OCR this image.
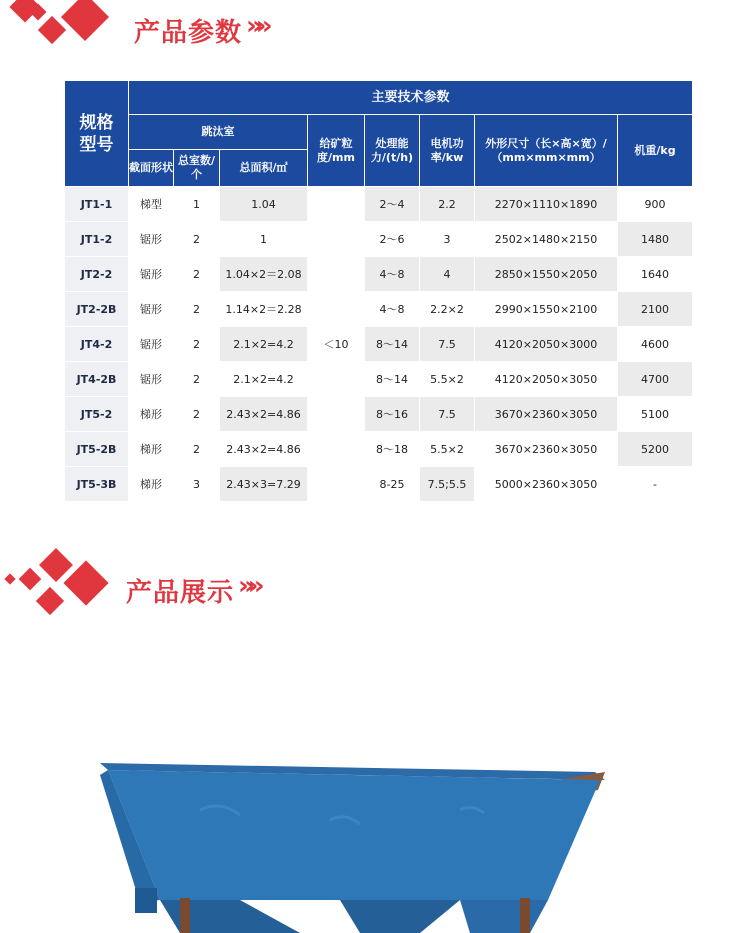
产品参数 »»
规格
型号	主要技术参数							
	跳汰室			给矿粒度/mm	处理能力/(t/h)	电机功率/kw	外形尺寸（长×高×宽）/（mm×mm×mm）	机重/kg
	截面形状	总室数/个	总面积/㎡					
JT1-1	梯型	1	1.04	＜10	2～4	2.2	2270×1110×1890	900
JT1-2	锯形	2	1		2～6	3	2502×1480×2150	1480
JT2-2	锯形	2	1.04×2＝2.08		4～8	4	2850×1550×2050	1640
JT2-2B	锯形	2	1.14×2＝2.28		4～8	2.2×2	2990×1550×2100	2100
JT4-2	锯形	2	2.1×2=4.2		8～14	7.5	4120×2050×3000	4600
JT4-2B	锯形	2	2.1×2=4.2		8～14	5.5×2	4120×2050×3050	4700
JT5-2	梯形	2	2.43×2=4.86		8～16	7.5	3670×2360×3050	5100
JT5-2B	梯形	2	2.43×2=4.86		8～18	5.5×2	3670×2360×3050	5200
JT5-3B	梯形	3	2.43×3=7.29		8-25	7.5;5.5	5000×2360×3050	-
产品展示 »»
